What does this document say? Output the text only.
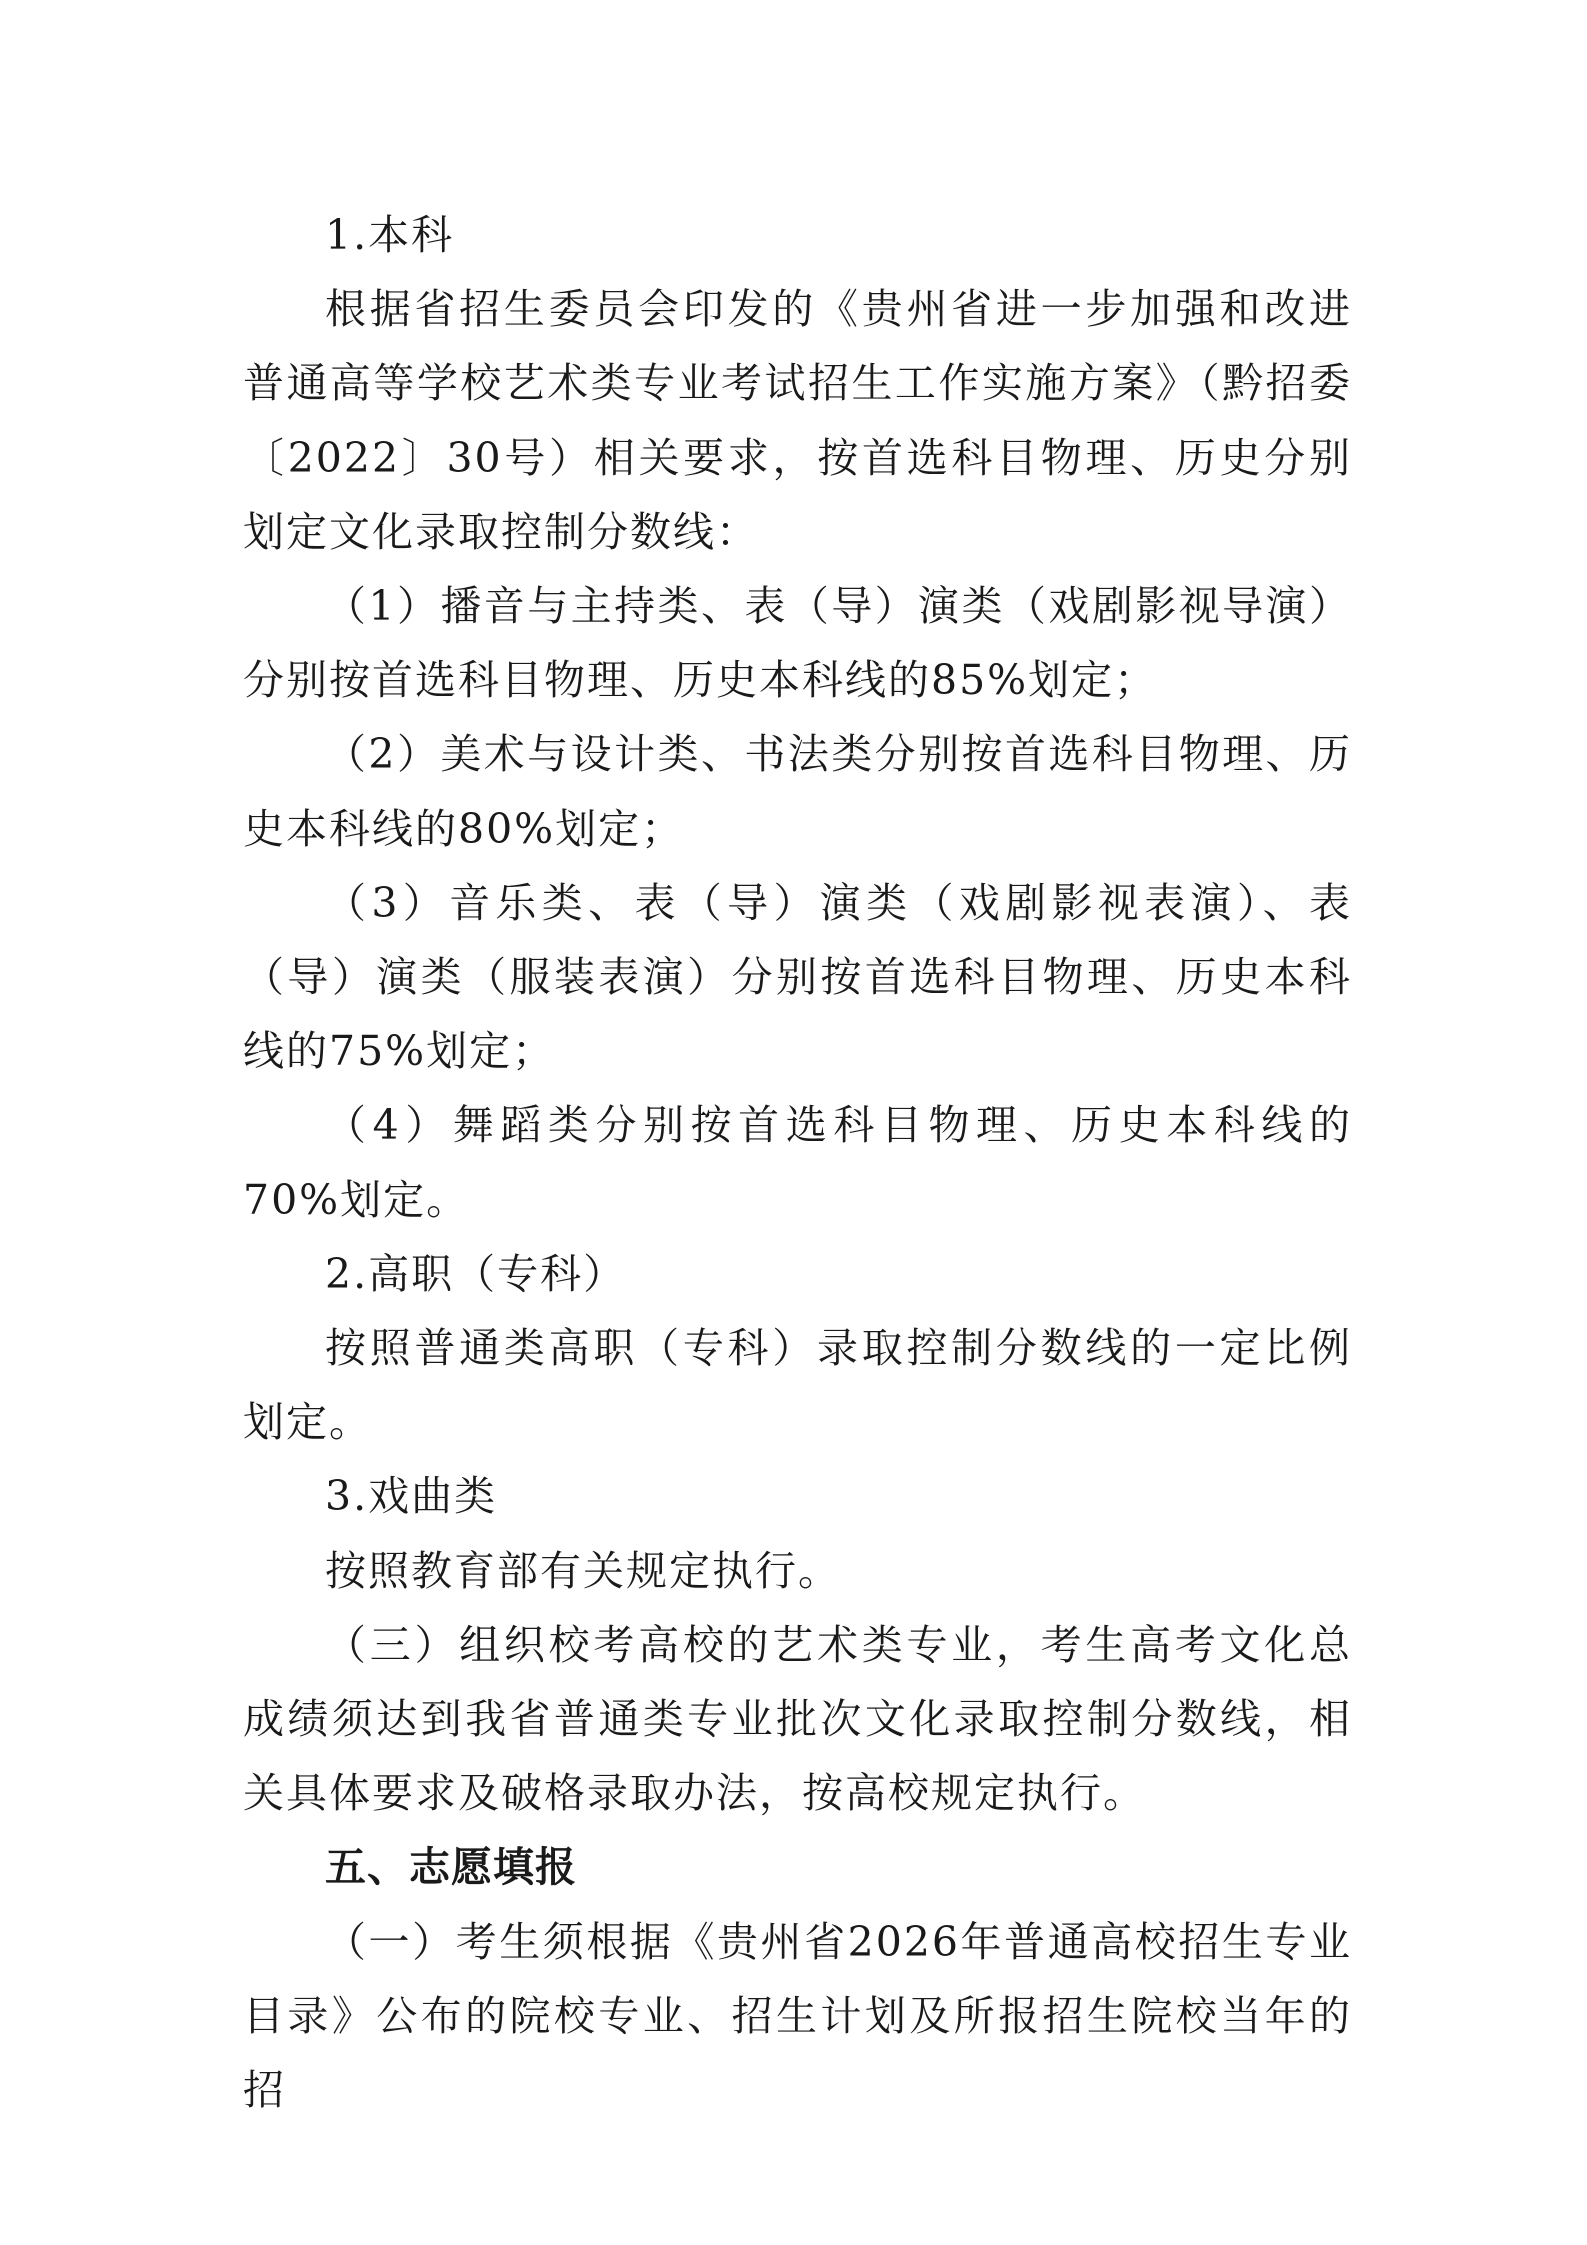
1.本科

根据省招生委员会印发的《贵州省进一步加强和改进普通高等学校艺术类专业考试招生工作实施方案》（黔招委〔2022〕30号）相关要求，按首选科目物理、历史分别划定文化录取控制分数线：

（1）播音与主持类、表（导）演类（戏剧影视导演）分别按首选科目物理、历史本科线的85%划定；

（2）美术与设计类、书法类分别按首选科目物理、历史本科线的80%划定；

（3）音乐类、表（导）演类（戏剧影视表演）、表（导）演类（服装表演）分别按首选科目物理、历史本科线的75%划定；

（4）舞蹈类分别按首选科目物理、历史本科线的70%划定。

2.高职（专科）

按照普通类高职（专科）录取控制分数线的一定比例划定。

3.戏曲类

按照教育部有关规定执行。

（三）组织校考高校的艺术类专业，考生高考文化总成绩须达到我省普通类专业批次文化录取控制分数线，相关具体要求及破格录取办法，按高校规定执行。

五、志愿填报

（一）考生须根据《贵州省2026年普通高校招生专业目录》公布的院校专业、招生计划及所报招生院校当年的招
